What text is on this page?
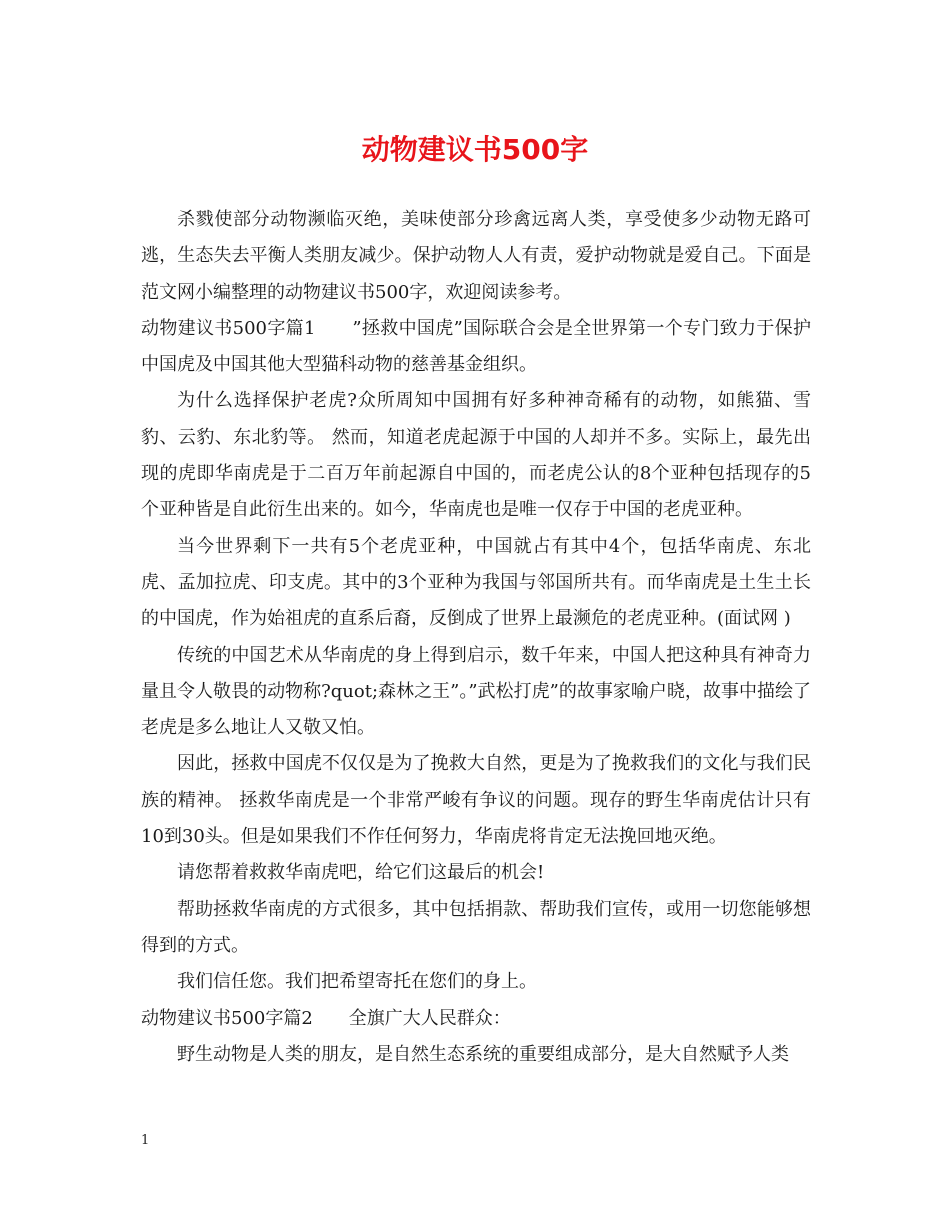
动物建议书500字

杀戮使部分动物濒临灭绝，美味使部分珍禽远离人类，享受使多少动物无路可逃，生态失去平衡人类朋友减少。保护动物人人有责，爱护动物就是爱自己。下面是范文网小编整理的动物建议书500字，欢迎阅读参考。

动物建议书500字篇1　　”拯救中国虎”国际联合会是全世界第一个专门致力于保护中国虎及中国其他大型猫科动物的慈善基金组织。

为什么选择保护老虎?众所周知中国拥有好多种神奇稀有的动物，如熊猫、雪豹、云豹、东北豹等。 然而，知道老虎起源于中国的人却并不多。实际上，最先出现的虎即华南虎是于二百万年前起源自中国的，而老虎公认的8个亚种包括现存的5个亚种皆是自此衍生出来的。如今，华南虎也是唯一仅存于中国的老虎亚种。

当今世界剩下一共有5个老虎亚种，中国就占有其中4个，包括华南虎、东北虎、孟加拉虎、印支虎。其中的3个亚种为我国与邻国所共有。而华南虎是土生土长的中国虎，作为始祖虎的直系后裔，反倒成了世界上最濒危的老虎亚种。(面试网 )

传统的中国艺术从华南虎的身上得到启示，数千年来，中国人把这种具有神奇力量且令人敬畏的动物称?quot;森林之王”。”武松打虎”的故事家喻户晓，故事中描绘了老虎是多么地让人又敬又怕。

因此，拯救中国虎不仅仅是为了挽救大自然，更是为了挽救我们的文化与我们民族的精神。 拯救华南虎是一个非常严峻有争议的问题。现存的野生华南虎估计只有10到30头。但是如果我们不作任何努力，华南虎将肯定无法挽回地灭绝。

请您帮着救救华南虎吧，给它们这最后的机会!

帮助拯救华南虎的方式很多，其中包括捐款、帮助我们宣传，或用一切您能够想得到的方式。

我们信任您。我们把希望寄托在您们的身上。

动物建议书500字篇2　　全旗广大人民群众：

野生动物是人类的朋友，是自然生态系统的重要组成部分，是大自然赋予人类

1
